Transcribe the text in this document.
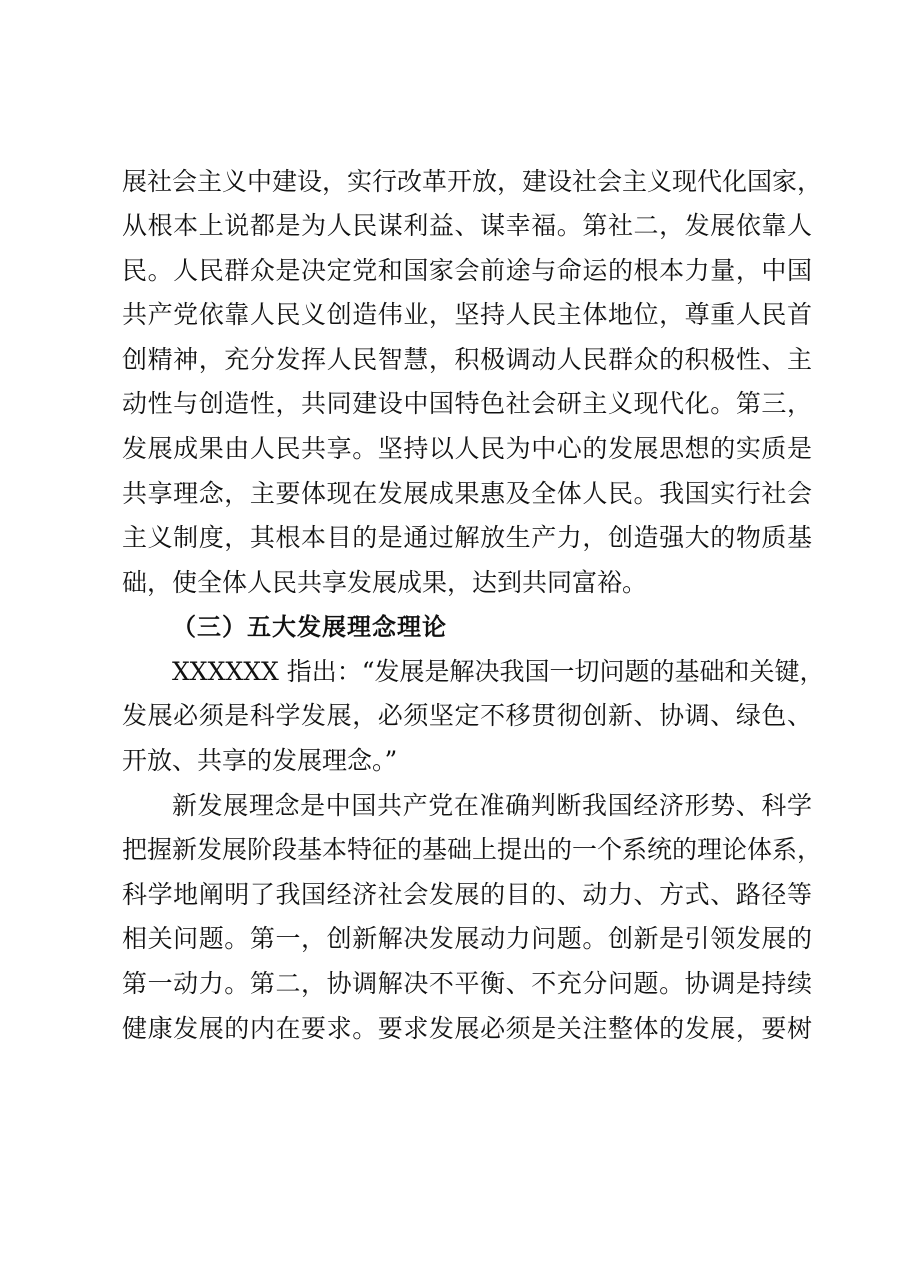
展社会主义中建设，实行改革开放，建设社会主义现代化国家，
从根本上说都是为人民谋利益、谋幸福。第社二，发展依靠人
民。人民群众是决定党和国家会前途与命运的根本力量，中国
共产党依靠人民义创造伟业，坚持人民主体地位，尊重人民首
创精神，充分发挥人民智慧，积极调动人民群众的积极性、主
动性与创造性，共同建设中国特色社会研主义现代化。第三，
发展成果由人民共享。坚持以人民为中心的发展思想的实质是
共享理念，主要体现在发展成果惠及全体人民。我国实行社会
主义制度，其根本目的是通过解放生产力，创造强大的物质基
础，使全体人民共享发展成果，达到共同富裕。
（三）五大发展理念理论
XXXXXX 指出：“发展是解决我国一切问题的基础和关键，
发展必须是科学发展，必须坚定不移贯彻创新、协调、绿色、
开放、共享的发展理念。”
新发展理念是中国共产党在准确判断我国经济形势、科学
把握新发展阶段基本特征的基础上提出的一个系统的理论体系，
科学地阐明了我国经济社会发展的目的、动力、方式、路径等
相关问题。第一，创新解决发展动力问题。创新是引领发展的
第一动力。第二，协调解决不平衡、不充分问题。协调是持续
健康发展的内在要求。要求发展必须是关注整体的发展，要树
